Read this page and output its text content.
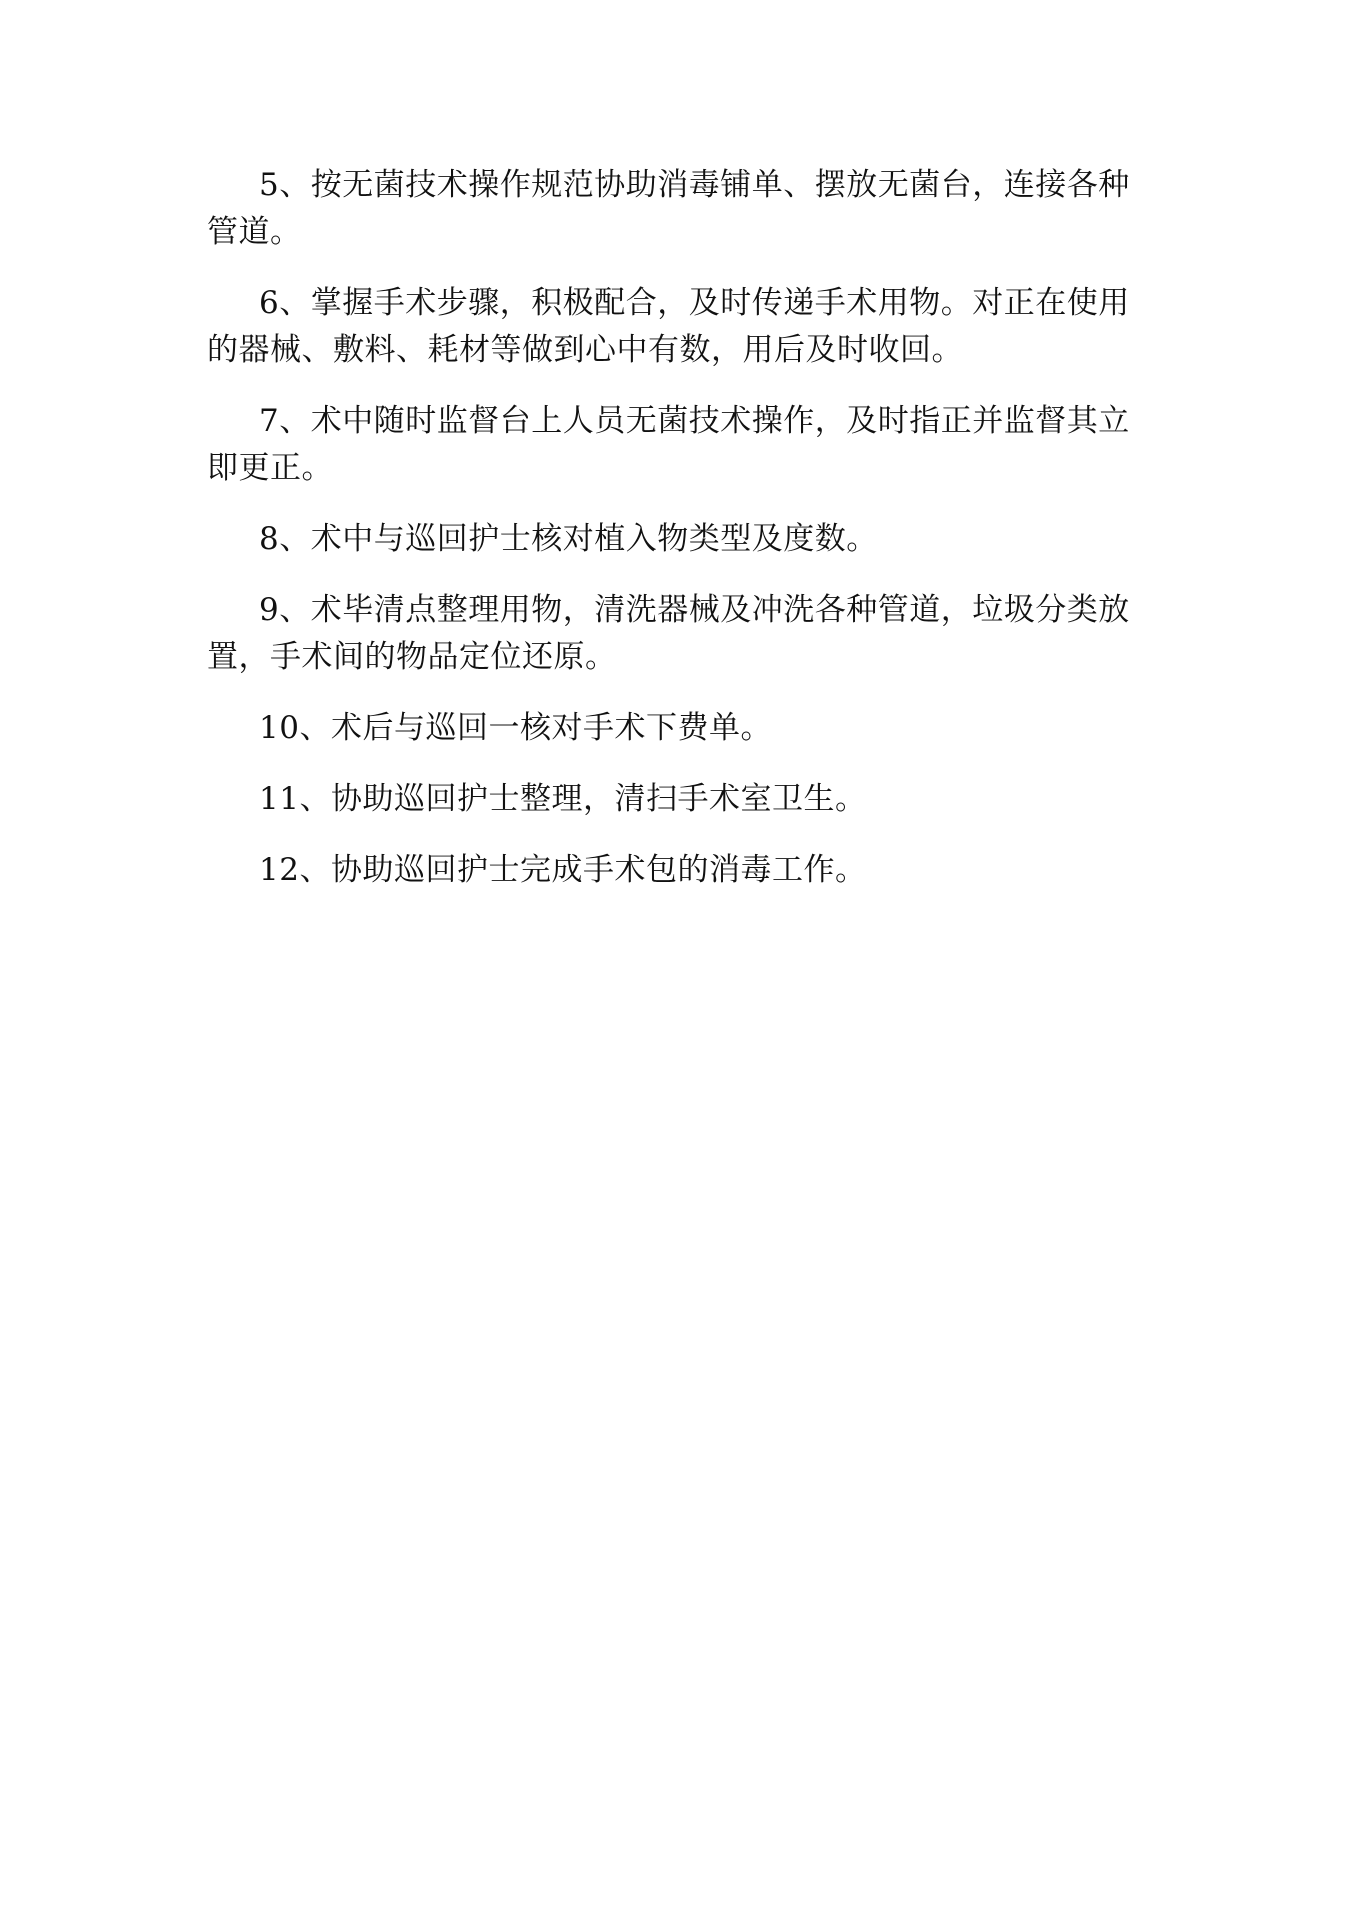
5、按无菌技术操作规范协助消毒铺单、摆放无菌台，连接各种管道。

6、掌握手术步骤，积极配合，及时传递手术用物。对正在使用的器械、敷料、耗材等做到心中有数，用后及时收回。

7、术中随时监督台上人员无菌技术操作，及时指正并监督其立即更正。

8、术中与巡回护士核对植入物类型及度数。

9、术毕清点整理用物，清洗器械及冲洗各种管道，垃圾分类放置，手术间的物品定位还原。

10、术后与巡回一核对手术下费单。

11、协助巡回护士整理，清扫手术室卫生。

12、协助巡回护士完成手术包的消毒工作。
